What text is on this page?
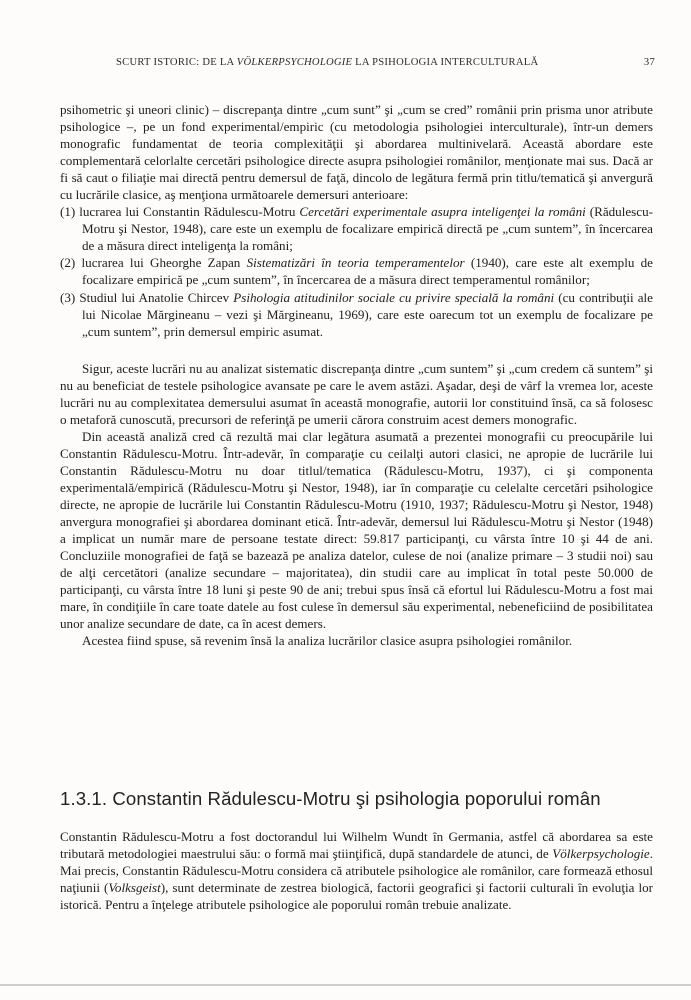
SCURT ISTORIC: DE LA VÖLKERPSYCHOLOGIE LA PSIHOLOGIA INTERCULTURALĂ	37

psihometric şi uneori clinic) – discrepanţa dintre „cum sunt” şi „cum se cred” românii prin prisma unor atribute psihologice –, pe un fond experimental/empiric (cu metodologia psihologiei interculturale), într-un demers monografic fundamentat de teoria complexităţii şi abordarea multinivelară. Această abordare este complementară celorlalte cercetări psihologice directe asupra psihologiei românilor, menţionate mai sus. Dacă ar fi să caut o filiaţie mai directă pentru demersul de faţă, dincolo de legătura fermă prin titlu/tematică şi anvergură cu lucrările clasice, aş menţiona următoarele demersuri anterioare:

(1) lucrarea lui Constantin Rădulescu-Motru Cercetări experimentale asupra inteligenţei la români (Rădulescu-Motru şi Nestor, 1948), care este un exemplu de focalizare empirică directă pe „cum suntem”, în încercarea de a măsura direct inteligenţa la români;
(2) lucrarea lui Gheorghe Zapan Sistematizări în teoria temperamentelor (1940), care este alt exemplu de focalizare empirică pe „cum suntem”, în încercarea de a măsura direct temperamentul românilor;
(3) Studiul lui Anatolie Chircev Psihologia atitudinilor sociale cu privire specială la români (cu contribuţii ale lui Nicolae Mărgineanu – vezi şi Mărgineanu, 1969), care este oarecum tot un exemplu de focalizare pe „cum suntem”, prin demersul empiric asumat.

Sigur, aceste lucrări nu au analizat sistematic discrepanţa dintre „cum suntem” şi „cum credem că suntem” şi nu au beneficiat de testele psihologice avansate pe care le avem astăzi. Aşadar, deşi de vârf la vremea lor, aceste lucrări nu au complexitatea demersului asumat în această monografie, autorii lor constituind însă, ca să folosesc o metaforă cunoscută, precursori de referinţă pe umerii cărora construim acest demers monografic.

Din această analiză cred că rezultă mai clar legătura asumată a prezentei monografii cu preocupările lui Constantin Rădulescu-Motru. Într-adevăr, în comparaţie cu ceilalţi autori clasici, ne apropie de lucrările lui Constantin Rădulescu-Motru nu doar titlul/tematica (Rădulescu-Motru, 1937), ci şi componenta experimentală/empirică (Rădulescu-Motru şi Nestor, 1948), iar în comparaţie cu celelalte cercetări psihologice directe, ne apropie de lucrările lui Constantin Rădulescu-Motru (1910, 1937; Rădulescu-Motru şi Nestor, 1948) anvergura monografiei şi abordarea dominant etică. Într-adevăr, demersul lui Rădulescu-Motru şi Nestor (1948) a implicat un număr mare de persoane testate direct: 59.817 participanţi, cu vârsta între 10 şi 44 de ani. Concluziile monografiei de faţă se bazează pe analiza datelor, culese de noi (analize primare – 3 studii noi) sau de alţi cercetători (analize secundare – majoritatea), din studii care au implicat în total peste 50.000 de participanţi, cu vârsta între 18 luni şi peste 90 de ani; trebui spus însă că efortul lui Rădulescu-Motru a fost mai mare, în condiţiile în care toate datele au fost culese în demersul său experimental, nebeneficiind de posibilitatea unor analize secundare de date, ca în acest demers.

Acestea fiind spuse, să revenim însă la analiza lucrărilor clasice asupra psihologiei românilor.

1.3.1. Constantin Rădulescu-Motru şi psihologia poporului român

Constantin Rădulescu-Motru a fost doctorandul lui Wilhelm Wundt în Germania, astfel că abordarea sa este tributară metodologiei maestrului său: o formă mai ştiinţifică, după standardele de atunci, de Völkerpsychologie. Mai precis, Constantin Rădulescu-Motru considera că atributele psihologice ale românilor, care formează ethosul naţiunii (Volksgeist), sunt determinate de zestrea biologică, factorii geografici şi factorii culturali în evoluţia lor istorică. Pentru a înţelege atributele psihologice ale poporului român trebuie analizate.
